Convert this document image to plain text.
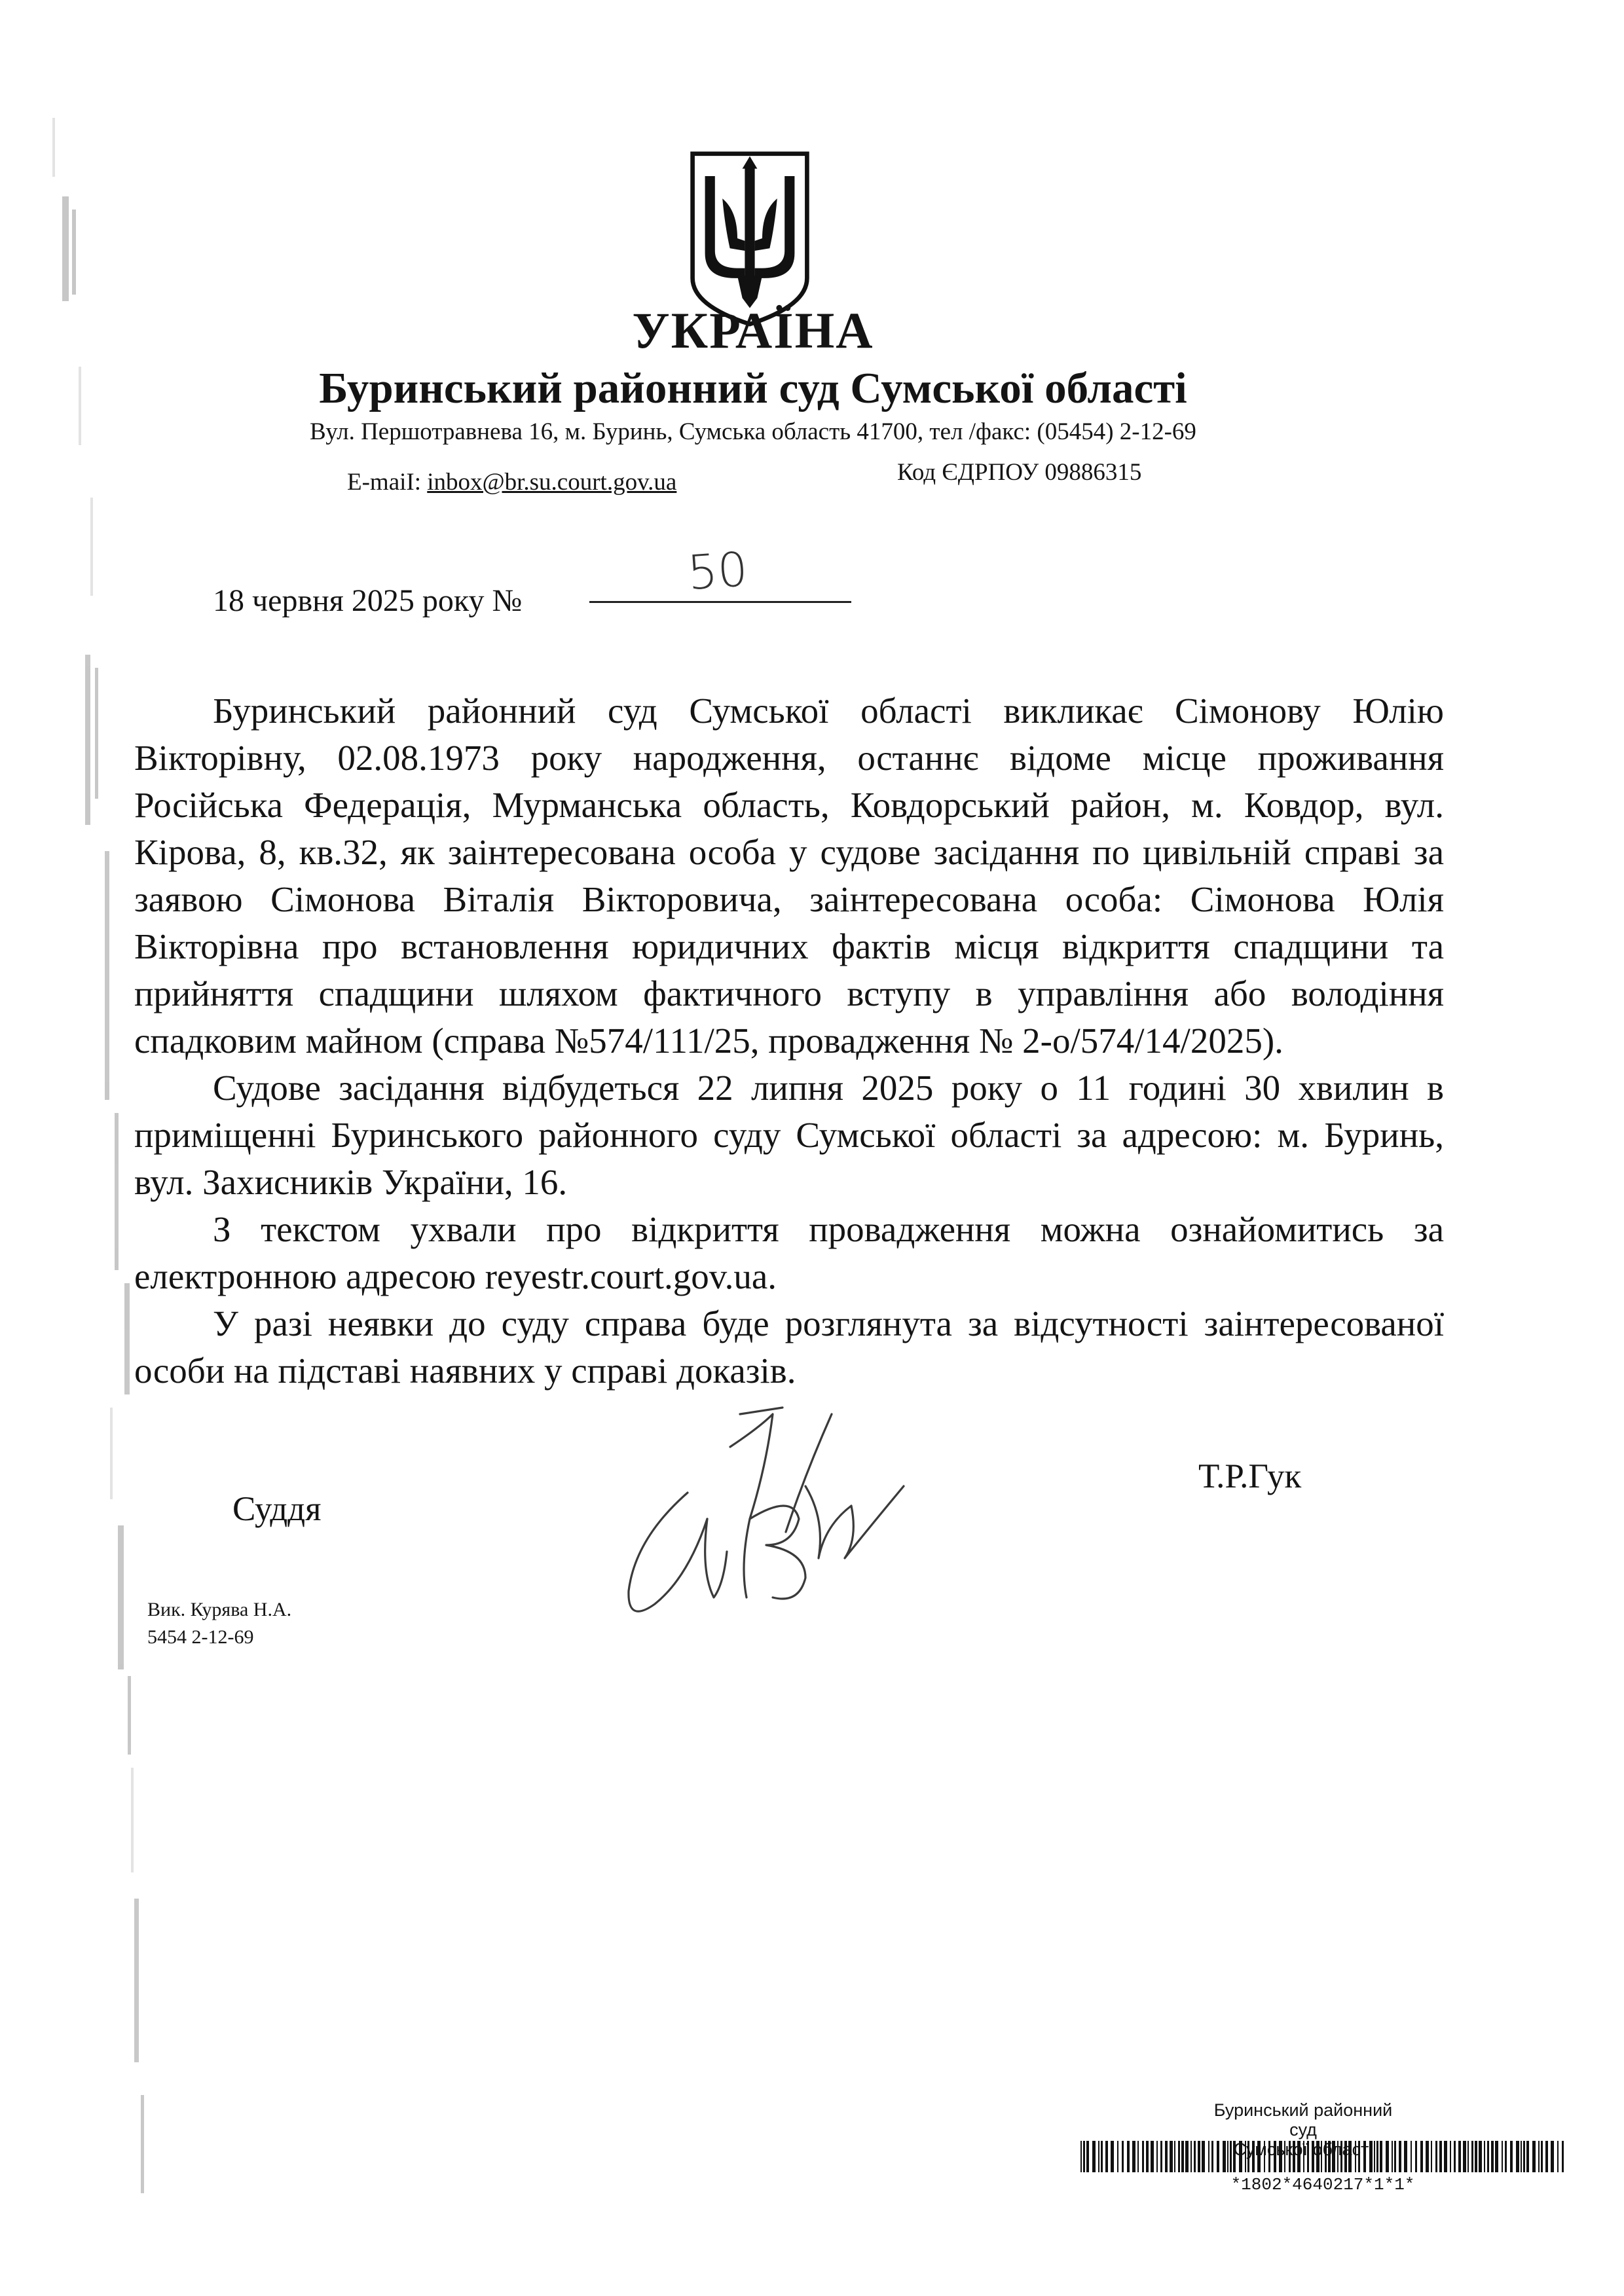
УКРАЇНА
Буринський районний суд Сумської області
Вул. Першотравнева 16, м. Буринь, Сумська область 41700, тел /факс: (05454) 2-12-69
E-maiI: inbox@br.su.court.gov.ua	Код ЄДРПОУ 09886315
18 червня 2025 року №
50

Буринський районний суд Сумської області викликає Сімонову Юлію Вікторівну, 02.08.1973 року народження, останнє відоме місце проживання Російська Федерація, Мурманська область, Ковдорський район, м. Ковдор, вул. Кірова, 8, кв.32, як заінтересована особа у судове засідання по цивільній справі за заявою Сімонова Віталія Вікторовича, заінтересована особа: Сімонова Юлія Вікторівна про встановлення юридичних фактів місця відкриття спадщини та прийняття спадщини шляхом фактичного вступу в управління або володіння спадковим майном (справа №574/111/25, провадження № 2-о/574/14/2025).

Судове засідання відбудеться 22 липня 2025 року о 11 годині 30 хвилин в приміщенні Буринського районного суду Сумської області за адресою: м. Буринь, вул. Захисників України, 16.

З текстом ухвали про відкриття провадження можна ознайомитись за електронною адресою reyestr.court.gov.ua.

У разі неявки до суду справа буде розглянута за відсутності заінтересованої особи на підставі наявних у справі доказів.

Суддя
Т.Р.Гук
Вик. Курява Н.А.
5454 2-12-69
Буринський районний суд
Сумської області
*1802*4640217*1*1*
